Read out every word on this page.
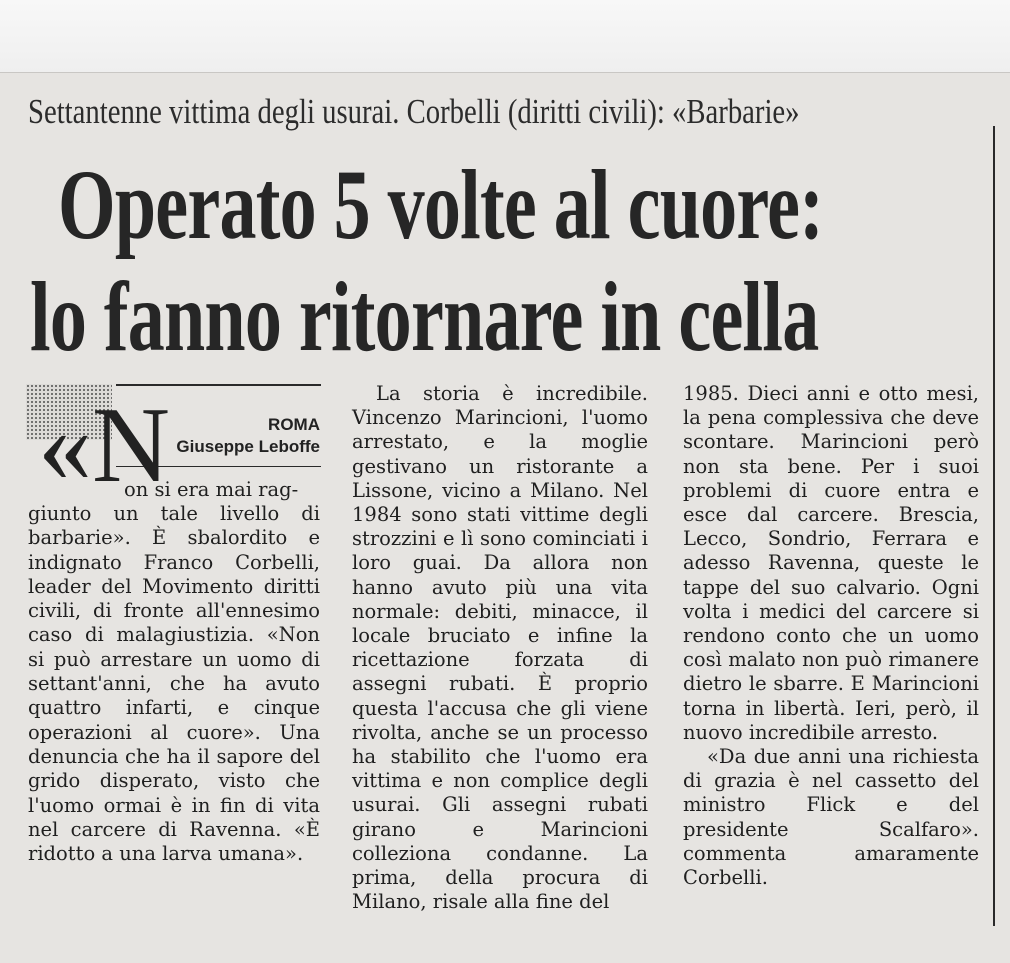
Settantenne vittima degli usurai. Corbelli (diritti civili): «Barbarie»
Operato 5 volte al cuore:
lo fanno ritornare in cella
ROMA
Giuseppe Leboffe
«N
on si era mai rag-
giunto un tale livello di barbarie». È sbalordito e indignato Franco Corbelli, leader del Movimento diritti civili, di fronte all'ennesimo caso di malagiustizia. «Non si può arrestare un uomo di settant'anni, che ha avuto quattro infarti, e cinque operazioni al cuore». Una denuncia che ha il sapore del grido disperato, visto che l'uomo ormai è in fin di vita nel carcere di Ravenna. «È ridotto a una larva umana».

La storia è incredibile. Vincenzo Marincioni, l'uomo arrestato, e la moglie gestivano un ristorante a Lissone, vicino a Milano. Nel 1984 sono stati vittime degli strozzini e lì sono cominciati i loro guai. Da allora non hanno avuto più una vita normale: debiti, minacce, il locale bruciato e infine la ricettazione forzata di assegni rubati. È proprio questa l'accusa che gli viene rivolta, anche se un processo ha stabilito che l'uomo era vittima e non complice degli usurai. Gli assegni rubati girano e Marincioni colleziona condanne. La prima, della procura di Milano, risale alla fine del

1985. Dieci anni e otto mesi, la pena complessiva che deve scontare. Marincioni però non sta bene. Per i suoi problemi di cuore entra e esce dal carcere. Brescia, Lecco, Sondrio, Ferrara e adesso Ravenna, queste le tappe del suo calvario. Ogni volta i medici del carcere si rendono conto che un uomo così malato non può rimanere dietro le sbarre. E Marincioni torna in libertà. Ieri, però, il nuovo incredibile arresto.

«Da due anni una richiesta di grazia è nel cassetto del ministro Flick e del presidente Scalfaro». commenta amaramente Corbelli.
